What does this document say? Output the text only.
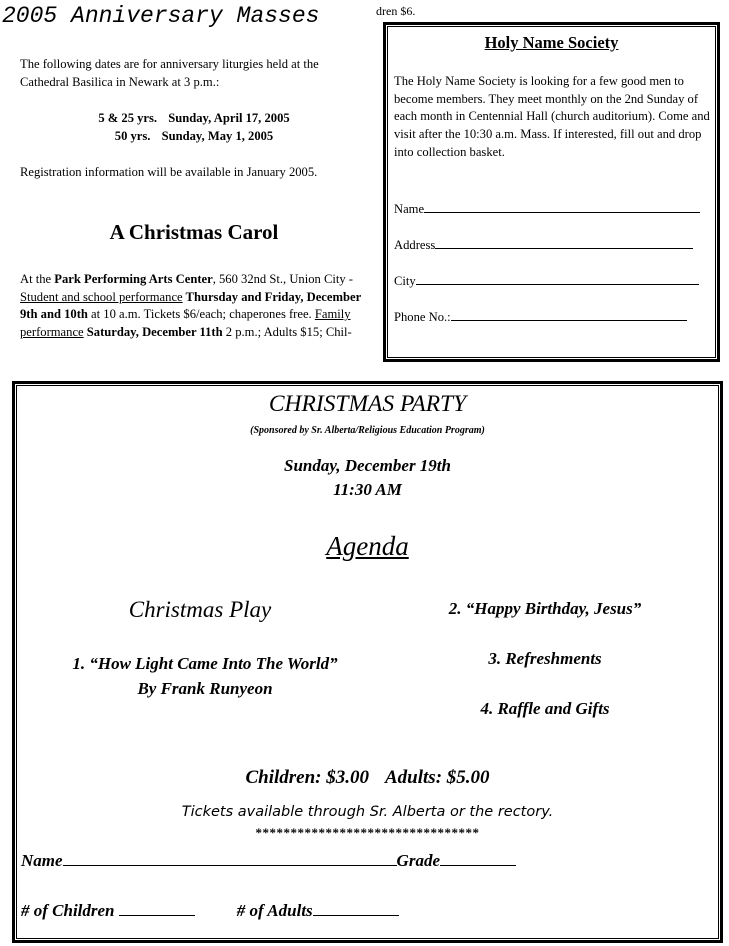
dren $6.
2005 Anniversary Masses
The following dates are for anniversary liturgies held at the Cathedral Basilica in Newark at 3 p.m.:
5 & 25 yrs. Sunday, April 17, 2005
50 yrs. Sunday, May 1, 2005
Registration information will be available in January 2005.
A Christmas Carol
At the Park Performing Arts Center, 560 32nd St., Union City - Student and school performance Thursday and Friday, December 9th and 10th at 10 a.m. Tickets $6/each; chaperones free. Family performance Saturday, December 11th 2 p.m.; Adults $15; Chil-
Holy Name Society
The Holy Name Society is looking for a few good men to become members. They meet monthly on the 2nd Sunday of each month in Centennial Hall (church auditorium). Come and visit after the 10:30 a.m. Mass. If interested, fill out and drop into collection basket.
Name
Address
City
Phone No.:
CHRISTMAS PARTY
(Sponsored by Sr. Alberta/Religious Education Program)
Sunday, December 19th
11:30 AM
Agenda
Christmas Play
1. “How Light Came Into The World”
By Frank Runyeon
2. “Happy Birthday, Jesus”
3. Refreshments
4. Raffle and Gifts
Children: $3.00 Adults: $5.00
Tickets available through Sr. Alberta or the rectory.
********************************
Name	Grade
# of Children	# of Adults
